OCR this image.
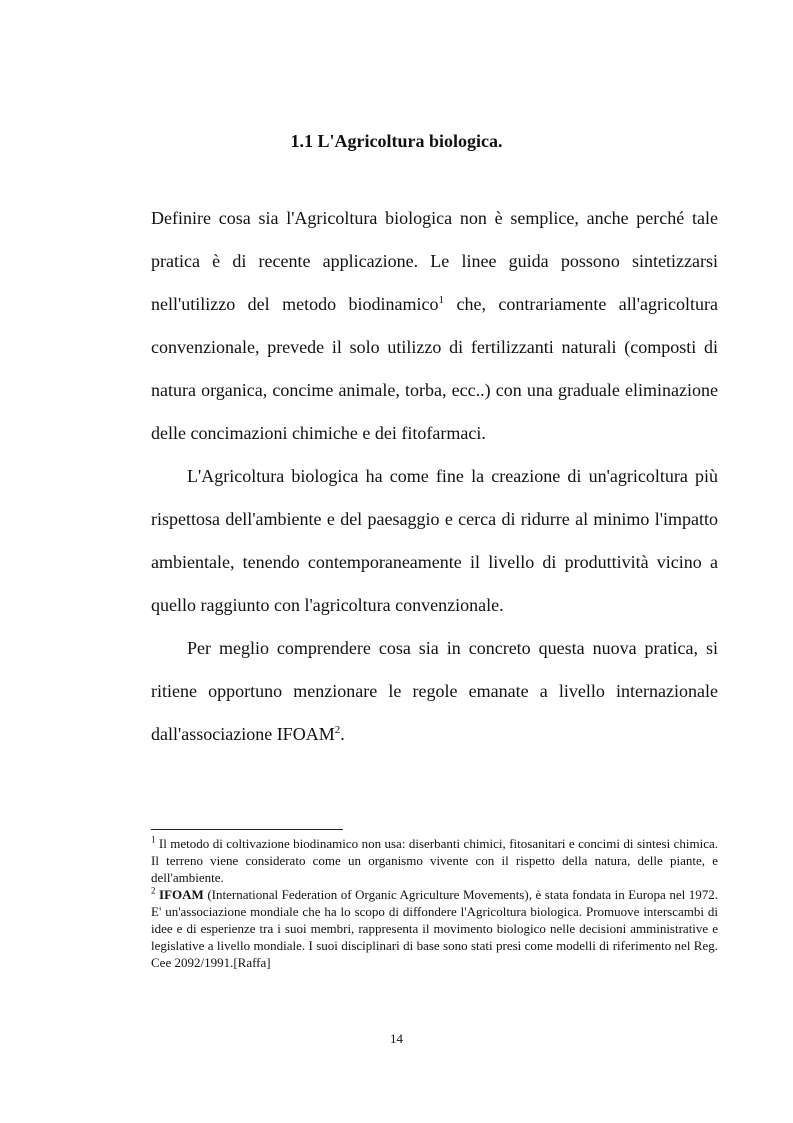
1.1 L'Agricoltura biologica.

Definire cosa sia l'Agricoltura biologica non è semplice, anche perché tale pratica è di recente applicazione. Le linee guida possono sintetizzarsi nell'utilizzo del metodo biodinamico$^1$ che, contrariamente all'agricoltura convenzionale, prevede il solo utilizzo di fertilizzanti naturali (composti di natura organica, concime animale, torba, ecc..) con una graduale eliminazione delle concimazioni chimiche e dei fitofarmaci.

L'Agricoltura biologica ha come fine la creazione di un'agricoltura più rispettosa dell'ambiente e del paesaggio e cerca di ridurre al minimo l'impatto ambientale, tenendo contemporaneamente il livello di produttività vicino a quello raggiunto con l'agricoltura convenzionale.

Per meglio comprendere cosa sia in concreto questa nuova pratica, si ritiene opportuno menzionare le regole emanate a livello internazionale dall'associazione IFOAM$^2$.

$^1$ Il metodo di coltivazione biodinamico non usa: diserbanti chimici, fitosanitari e concimi di sintesi chimica. Il terreno viene considerato come un organismo vivente con il rispetto della natura, delle piante, e dell'ambiente.

$^2$ IFOAM (International Federation of Organic Agriculture Movements), è stata fondata in Europa nel 1972. E' un'associazione mondiale che ha lo scopo di diffondere l'Agricoltura biologica. Promuove interscambi di idee e di esperienze tra i suoi membri, rappresenta il movimento biologico nelle decisioni amministrative e legislative a livello mondiale. I suoi disciplinari di base sono stati presi come modelli di riferimento nel Reg. Cee 2092/1991.[Raffa]

14
